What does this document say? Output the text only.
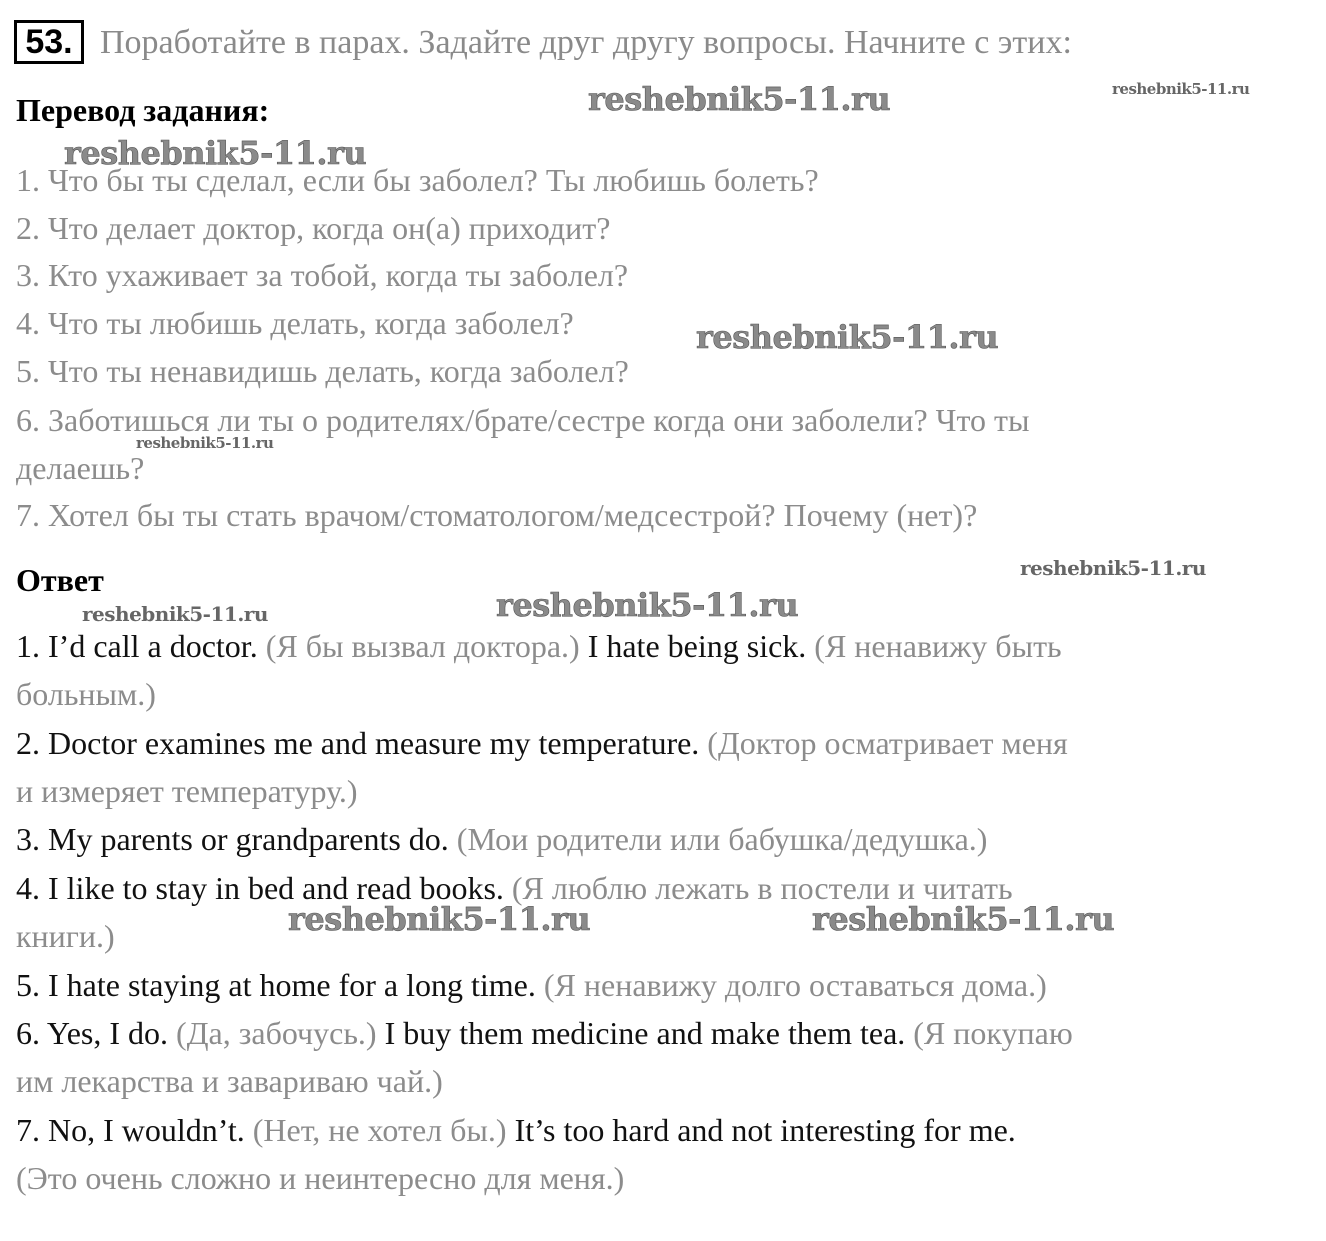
53. Поработайте в парах. Задайте друг другу вопросы. Начните с этих:
Перевод задания:
1. Что бы ты сделал, если бы заболел? Ты любишь болеть?
2. Что делает доктор, когда он(а) приходит?
3. Кто ухаживает за тобой, когда ты заболел?
4. Что ты любишь делать, когда заболел?
5. Что ты ненавидишь делать, когда заболел?
6. Заботишься ли ты о родителях/брате/сестре когда они заболели? Что ты
делаешь?
7. Хотел бы ты стать врачом/стоматологом/медсестрой? Почему (нет)?
Ответ
1. I’d call a doctor. (Я бы вызвал доктора.) I hate being sick. (Я ненавижу быть
больным.)
2. Doctor examines me and measure my temperature. (Доктор осматривает меня
и измеряет температуру.)
3. My parents or grandparents do. (Мои родители или бабушка/дедушка.)
4. I like to stay in bed and read books. (Я люблю лежать в постели и читать
книги.)
5. I hate staying at home for a long time. (Я ненавижу долго оставаться дома.)
6. Yes, I do. (Да, забочусь.) I buy them medicine and make them tea. (Я покупаю
им лекарства и завариваю чай.)
7. No, I wouldn’t. (Нет, не хотел бы.) It’s too hard and not interesting for me.
(Это очень сложно и неинтересно для меня.)
reshebnik5-11.ru	reshebnik5-11.ru
reshebnik5-11.ru
reshebnik5-11.ru
reshebnik5-11.ru
reshebnik5-11.ru
reshebnik5-11.ru
reshebnik5-11.ru
reshebnik5-11.ru	reshebnik5-11.ru
